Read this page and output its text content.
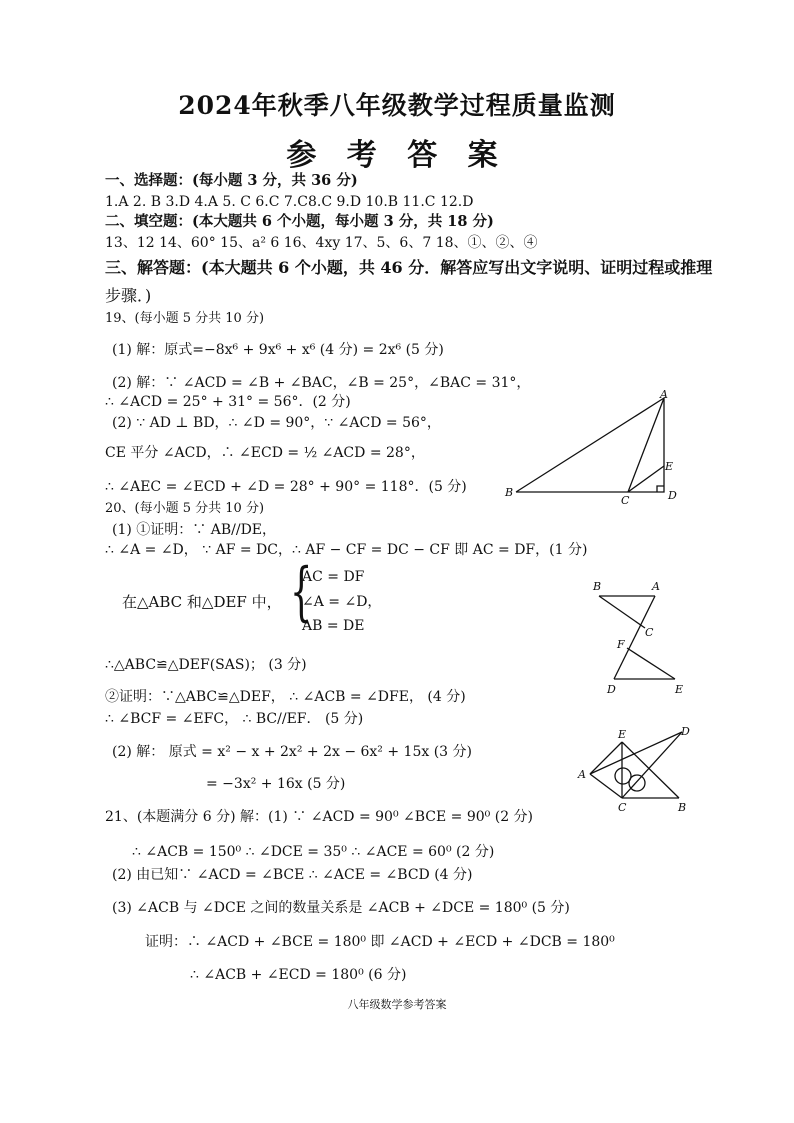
2024年秋季八年级教学过程质量监测
参 考 答 案
一、选择题：(每小题 3 分，共 36 分)
1.A 2. B 3.D 4.A 5. C 6.C 7.C8.C 9.D 10.B 11.C 12.D
二、填空题：(本大题共 6 个小题，每小题 3 分，共 18 分)
13、12 14、60° 15、a² 6 16、4xy 17、5、6、7 18、①、②、④
三、解答题：(本大题共 6 个小题，共 46 分．解答应写出文字说明、证明过程或推理
步骤．)
19、(每小题 5 分共 10 分)
(1) 解：原式=−8x⁶ + 9x⁶ + x⁶ (4 分) = 2x⁶ (5 分)
(2) 解：∵ ∠ACD = ∠B + ∠BAC，∠B = 25°，∠BAC = 31°，
∴ ∠ACD = 25° + 31° = 56°．(2 分)
(2) ∵ AD ⊥ BD，∴ ∠D = 90°，∵ ∠ACD = 56°，
CE 平分 ∠ACD，∴ ∠ECD = ½ ∠ACD = 28°，
∴ ∠AEC = ∠ECD + ∠D = 28° + 90° = 118°．(5 分)
A
B
C	D
E
20、(每小题 5 分共 10 分)
(1) ①证明：∵ AB//DE，
∴ ∠A = ∠D， ∵ AF = DC，∴ AF − CF = DC − CF 即 AC = DF，(1 分)
在△ABC 和△DEF 中， {
AC = DF
∠A = ∠D，
AB = DE
∴△ABC≌△DEF(SAS)； (3 分)
②证明：∵△ABC≌△DEF， ∴ ∠ACB = ∠DFE， (4 分)
∴ ∠BCF = ∠EFC， ∴ BC//EF． (5 分)
(2) 解： 原式 = x² − x + 2x² + 2x − 6x² + 15x (3 分)
= −3x² + 16x (5 分)
B	A
C
F
D	E
A
D
E
C	B
21、(本题满分 6 分) 解：(1) ∵ ∠ACD = 90⁰ ∠BCE = 90⁰ (2 分)
∴ ∠ACB = 150⁰ ∴ ∠DCE = 35⁰ ∴ ∠ACE = 60⁰ (2 分)
(2) 由已知∵ ∠ACD = ∠BCE ∴ ∠ACE = ∠BCD (4 分)
(3) ∠ACB 与 ∠DCE 之间的数量关系是 ∠ACB + ∠DCE = 180⁰ (5 分)
证明：∴ ∠ACD + ∠BCE = 180⁰ 即 ∠ACD + ∠ECD + ∠DCB = 180⁰
∴ ∠ACB + ∠ECD = 180⁰ (6 分)
八年级数学参考答案
